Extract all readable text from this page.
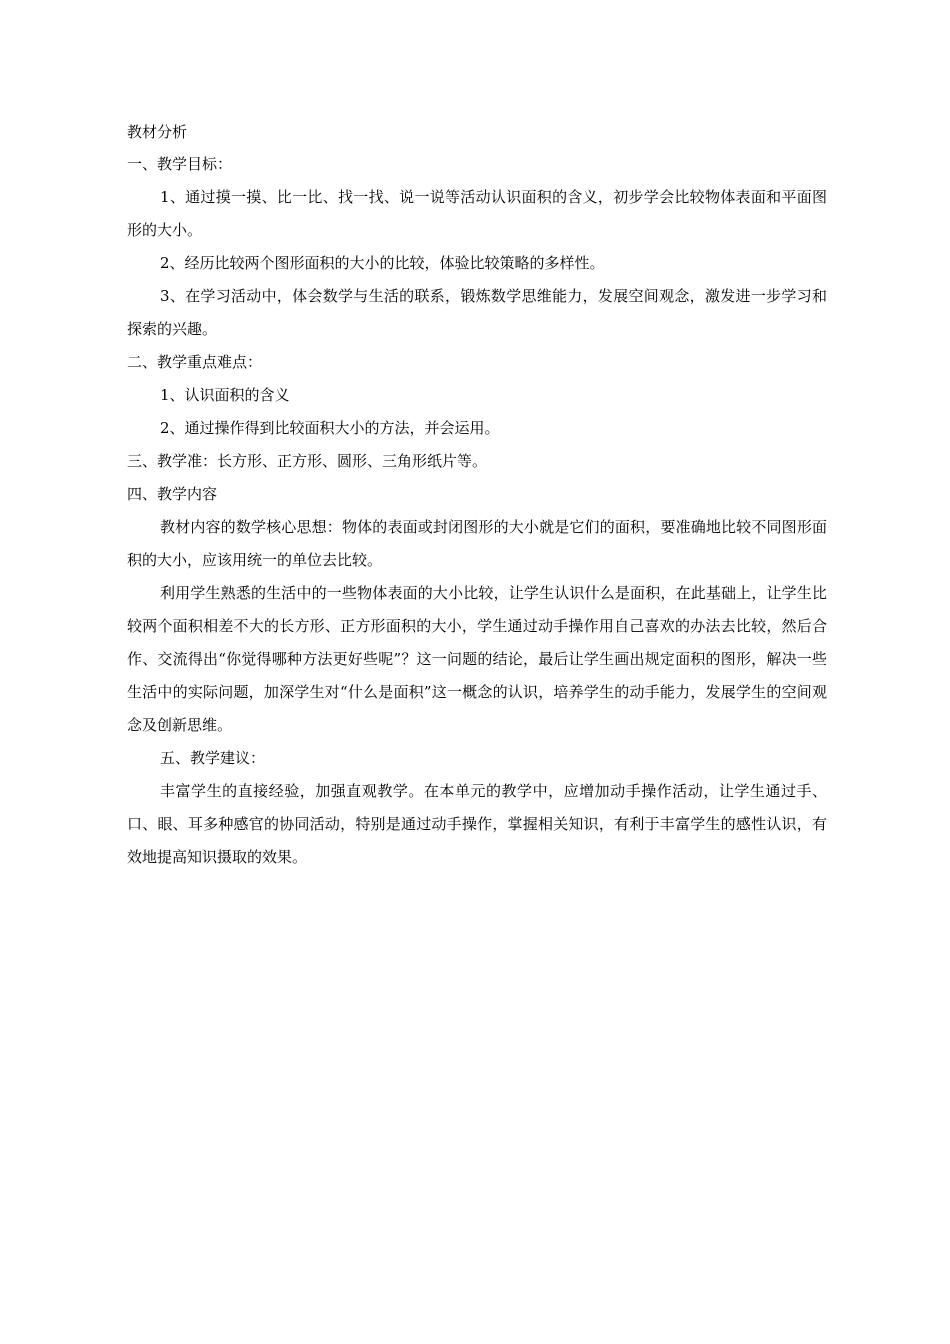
教材分析

一、教学目标：

1、通过摸一摸、比一比、找一找、说一说等活动认识面积的含义，初步学会比较物体表面和平面图形的大小。

2、经历比较两个图形面积的大小的比较，体验比较策略的多样性。

3、在学习活动中，体会数学与生活的联系，锻炼数学思维能力，发展空间观念，激发进一步学习和探索的兴趣。

二、教学重点难点：

1、认识面积的含义

2、通过操作得到比较面积大小的方法，并会运用。

三、教学准：长方形、正方形、圆形、三角形纸片等。

四、教学内容

教材内容的数学核心思想：物体的表面或封闭图形的大小就是它们的面积，要准确地比较不同图形面积的大小，应该用统一的单位去比较。

利用学生熟悉的生活中的一些物体表面的大小比较，让学生认识什么是面积，在此基础上，让学生比较两个面积相差不大的长方形、正方形面积的大小，学生通过动手操作用自己喜欢的办法去比较，然后合作、交流得出“你觉得哪种方法更好些呢”？这一问题的结论，最后让学生画出规定面积的图形，解决一些生活中的实际问题，加深学生对“什么是面积”这一概念的认识，培养学生的动手能力，发展学生的空间观念及创新思维。

五、教学建议：

丰富学生的直接经验，加强直观教学。在本单元的教学中，应增加动手操作活动，让学生通过手、口、眼、耳多种感官的协同活动，特别是通过动手操作，掌握相关知识，有利于丰富学生的感性认识，有效地提高知识摄取的效果。
